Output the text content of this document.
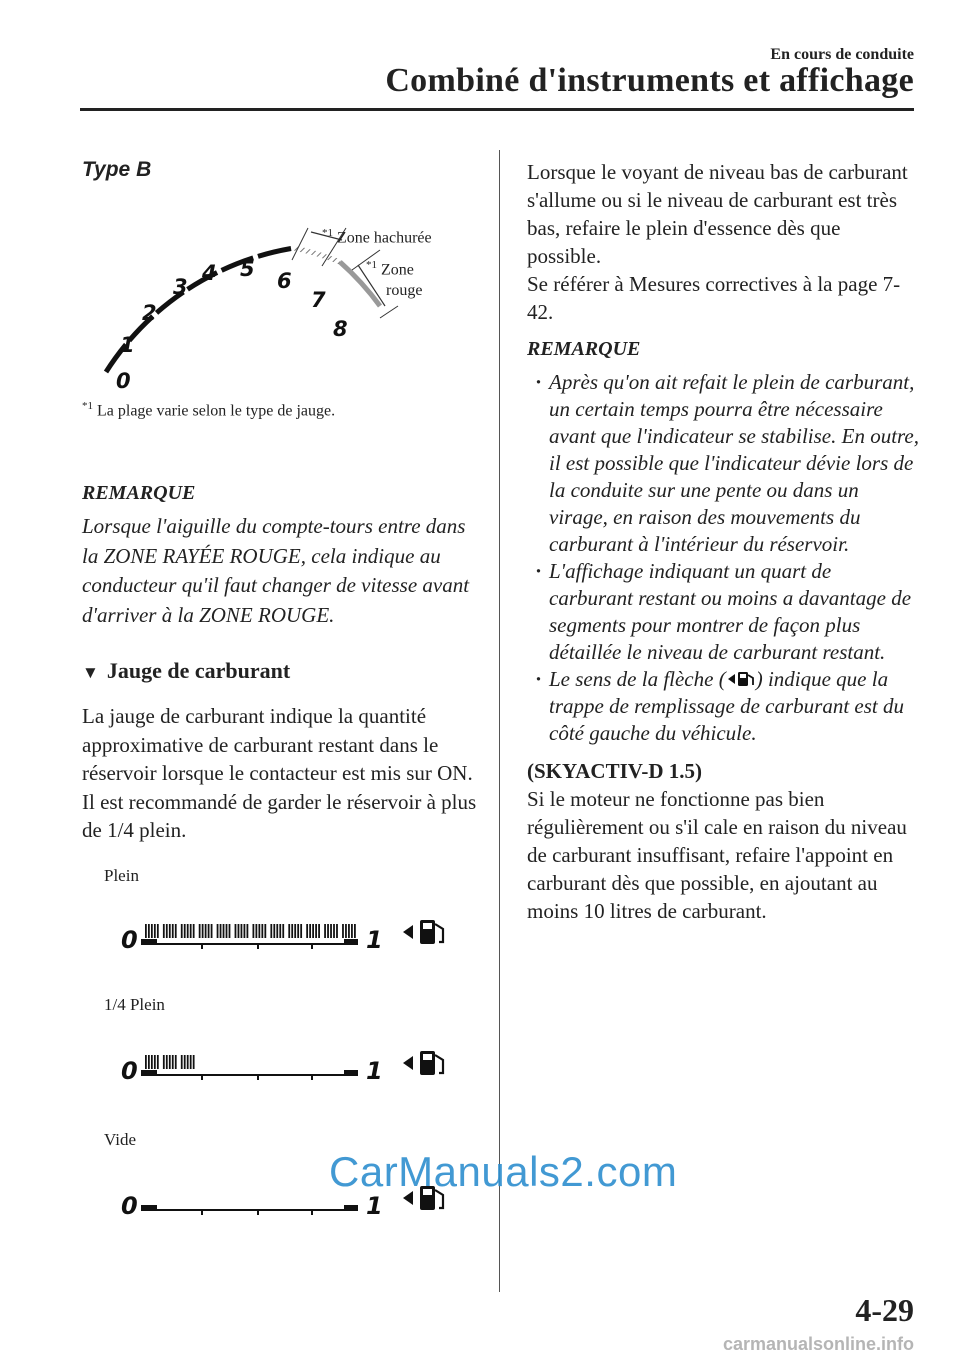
En cours de conduite
Combiné d'instruments et affichage
Type B
0
1
2
3
4 5 6
7
8
$^{*1}$ Zone hachurée
$^{*1}$ Zone
rouge
$^{*1}$ La plage varie selon le type de jauge.
REMARQUE

Lorsque l'aiguille du compte-tours entre dans la ZONE RAYÉE ROUGE, cela indique au conducteur qu'il faut changer de vitesse avant d'arriver à la ZONE ROUGE.

▼ Jauge de carburant

La jauge de carburant indique la quantité approximative de carburant restant dans le réservoir lorsque le contacteur est mis sur ON. Il est recommandé de garder le réservoir à plus de 1/4 plein.

Plein
0	1
1/4 Plein
0	1
Vide
0	1

Lorsque le voyant de niveau bas de carburant s'allume ou si le niveau de carburant est très bas, refaire le plein d'essence dès que possible.

Se référer à Mesures correctives à la page 7-42.

REMARQUE
· Après qu'on ait refait le plein de carburant, un certain temps pourra être nécessaire avant que l'indicateur se stabilise. En outre, il est possible que l'indicateur dévie lors de la conduite sur une pente ou dans un virage, en raison des mouvements du carburant à l'intérieur du réservoir.
· L'affichage indiquant un quart de carburant restant ou moins a davantage de segments pour montrer de façon plus détaillée le niveau de carburant restant.
· Le sens de la flèche ( ) indique que la trappe de remplissage de carburant est du côté gauche du véhicule.
(SKYACTIV-D 1.5)

Si le moteur ne fonctionne pas bien régulièrement ou s'il cale en raison du niveau de carburant insuffisant, refaire l'appoint en carburant dès que possible, en ajoutant au moins 10 litres de carburant.

CarManuals2.com
4-29
carmanualsonline.info
